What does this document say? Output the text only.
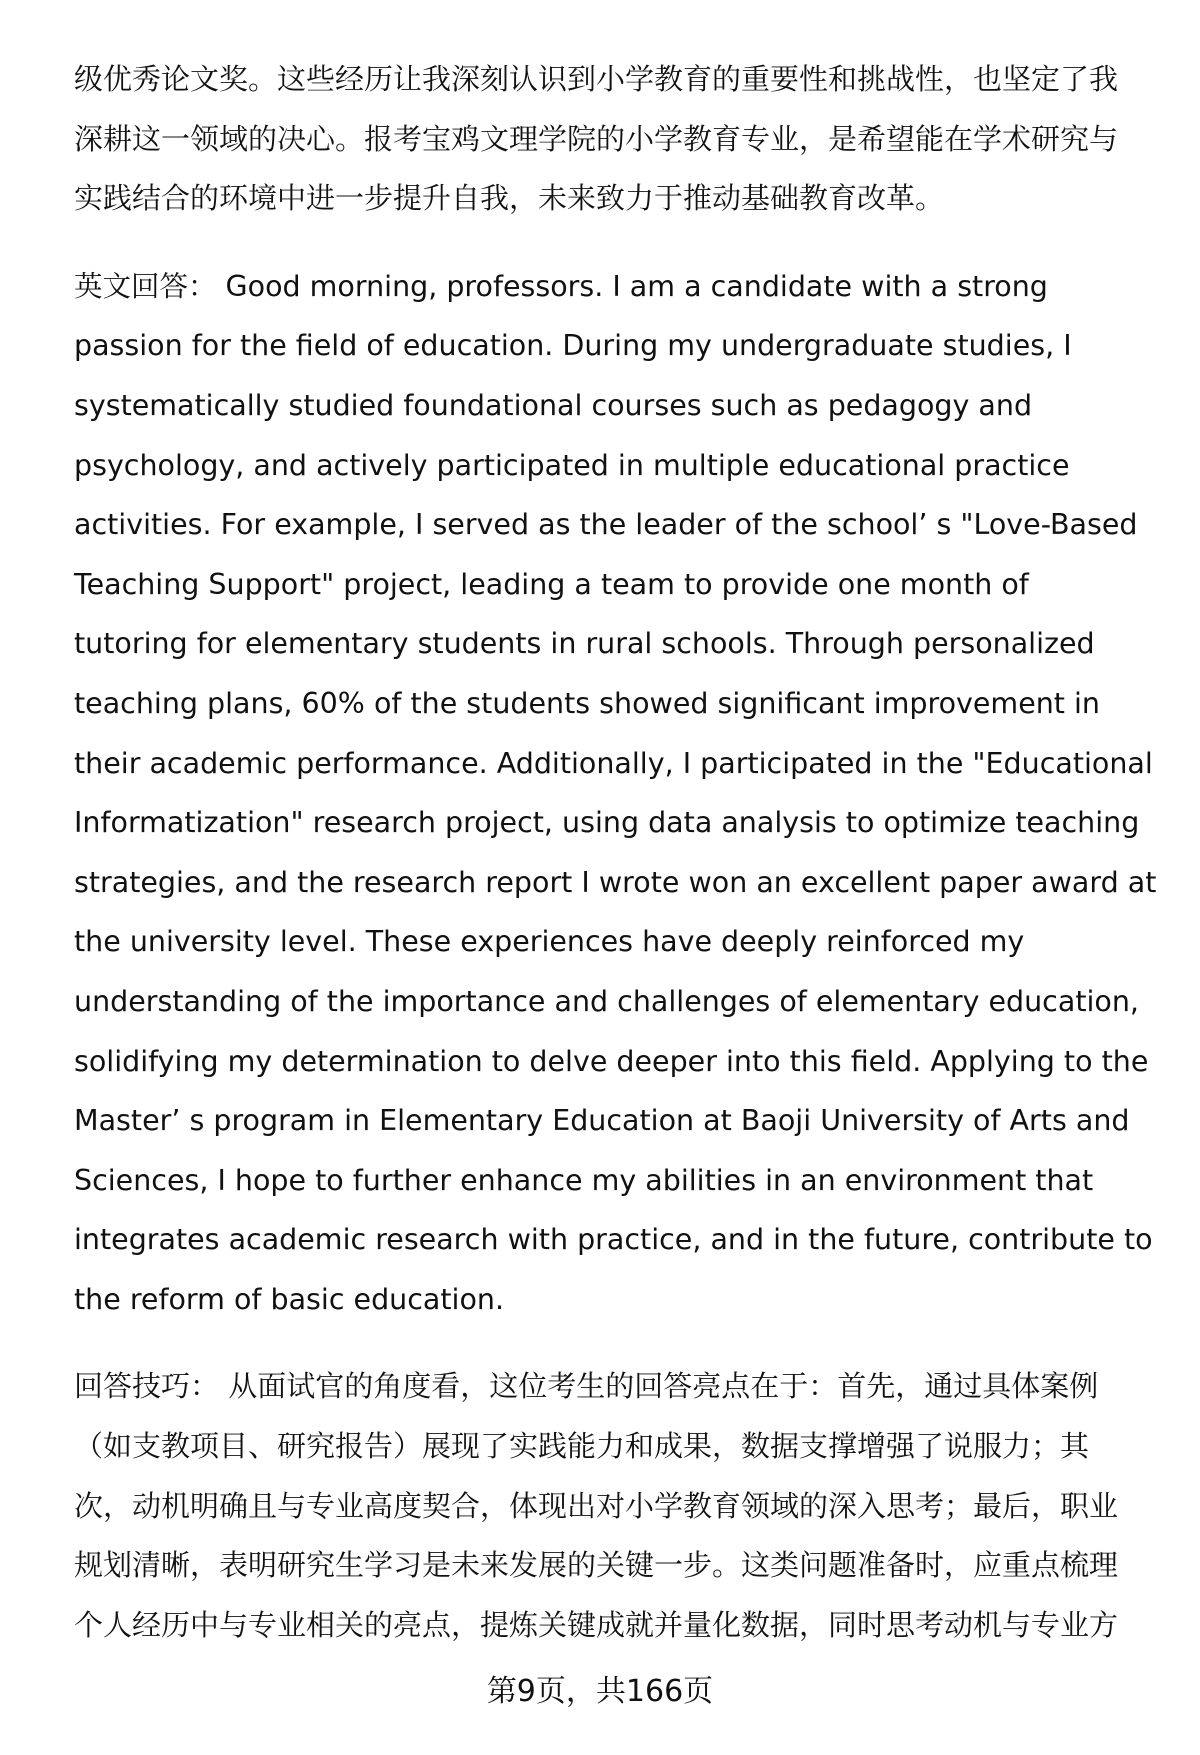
级优秀论文奖。这些经历让我深刻认识到小学教育的重要性和挑战性，也坚定了我
深耕这一领域的决心。报考宝鸡文理学院的小学教育专业，是希望能在学术研究与
实践结合的环境中进一步提升自我，未来致力于推动基础教育改革。
英文回答： Good morning, professors. I am a candidate with a strong
passion for the field of education. During my undergraduate studies, I
systematically studied foundational courses such as pedagogy and
psychology, and actively participated in multiple educational practice
activities. For example, I served as the leader of the school’ s "Love-Based
Teaching Support" project, leading a team to provide one month of
tutoring for elementary students in rural schools. Through personalized
teaching plans, 60% of the students showed significant improvement in
their academic performance. Additionally, I participated in the "Educational
Informatization" research project, using data analysis to optimize teaching
strategies, and the research report I wrote won an excellent paper award at
the university level. These experiences have deeply reinforced my
understanding of the importance and challenges of elementary education,
solidifying my determination to delve deeper into this field. Applying to the
Master’ s program in Elementary Education at Baoji University of Arts and
Sciences, I hope to further enhance my abilities in an environment that
integrates academic research with practice, and in the future, contribute to
the reform of basic education.
回答技巧： 从面试官的角度看，这位考生的回答亮点在于：首先，通过具体案例
（如支教项目、研究报告）展现了实践能力和成果，数据支撑增强了说服力；其
次，动机明确且与专业高度契合，体现出对小学教育领域的深入思考；最后，职业
规划清晰，表明研究生学习是未来发展的关键一步。这类问题准备时，应重点梳理
个人经历中与专业相关的亮点，提炼关键成就并量化数据，同时思考动机与专业方
第9页，共166页
